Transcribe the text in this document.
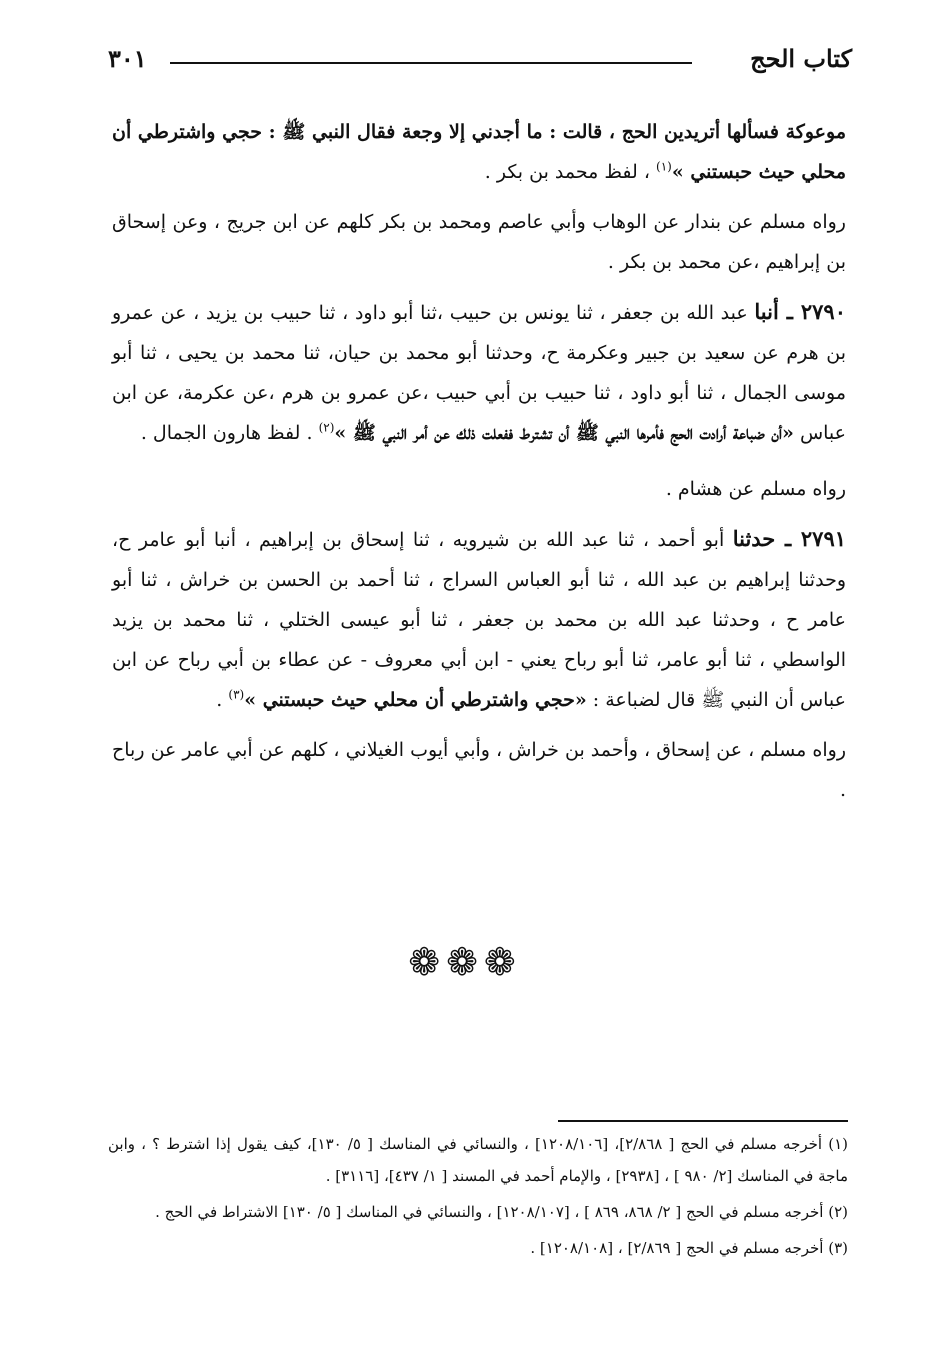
كتاب الحج
٣٠١

موعوكة فسألها أتريدين الحج ، قالت : ما أجدني إلا وجعة فقال النبي ﷺ : حجي واشترطي أن محلي حيث حبستني »$^{(١)}$ ، لفظ محمد بن بكر .

رواه مسلم عن بندار عن الوهاب وأبي عاصم ومحمد بن بكر كلهم عن ابن جريج ، وعن إسحاق بن إبراهيم ،عن محمد بن بكر .

٢٧٩٠ ـ أنبا عبد الله بن جعفر ، ثنا يونس بن حبيب ،ثنا أبو داود ، ثنا حبيب بن يزيد ، عن عمرو بن هرم عن سعيد بن جبير وعكرمة ح، وحدثنا أبو محمد بن حيان، ثنا محمد بن يحيى ، ثنا أبو موسى الجمال ، ثنا أبو داود ، ثنا حبيب بن أبي حبيب ،عن عمرو بن هرم ،عن عكرمة، عن ابن عباس «أن ضباعة أرادت الحج فأمرها النبي ﷺ أن تشترط ففعلت ذلك عن أمر النبي ﷺ »$^{(٢)}$ . لفظ هارون الجمال .

رواه مسلم عن هشام .

٢٧٩١ ـ حدثنا أبو أحمد ، ثنا عبد الله بن شيرويه ، ثنا إسحاق بن إبراهيم ، أنبا أبو عامر ح، وحدثنا إبراهيم بن عبد الله ، ثنا أبو العباس السراج ، ثنا أحمد بن الحسن بن خراش ، ثنا أبو عامر ح ، وحدثنا عبد الله بن محمد بن جعفر ، ثنا أبو عيسى الختلي ، ثنا محمد بن يزيد الواسطي ، ثنا أبو عامر، ثنا أبو رباح يعني - ابن أبي معروف - عن عطاء بن أبي رباح عن ابن عباس أن النبي ﷺ قال لضباعة : «حجي واشترطي أن محلي حيث حبستني »$^{(٣)}$ .

رواه مسلم ، عن إسحاق ، وأحمد بن خراش ، وأبي أيوب الغيلاني ، كلهم عن أبي عامر عن رباح .

❁❁❁

(١) أخرجه مسلم في الحج [ ٢/٨٦٨]، [١٢٠٨/١٠٦] ، والنسائي في المناسك [ ٥/ ١٣٠]، كيف يقول إذا اشترط ؟ ، وابن ماجة في المناسك [٢/ ٩٨٠ ] ، [٢٩٣٨] ، والإمام أحمد في المسند [ ١/ ٤٣٧]، [٣١١٦] .

(٢) أخرجه مسلم في الحج [ ٢/ ٨٦٨، ٨٦٩ ] ، [١٢٠٨/١٠٧] ، والنسائي في المناسك [ ٥/ ١٣٠] الاشتراط في الحج .

(٣) أخرجه مسلم في الحج [ ٢/٨٦٩] ، [١٢٠٨/١٠٨] .
